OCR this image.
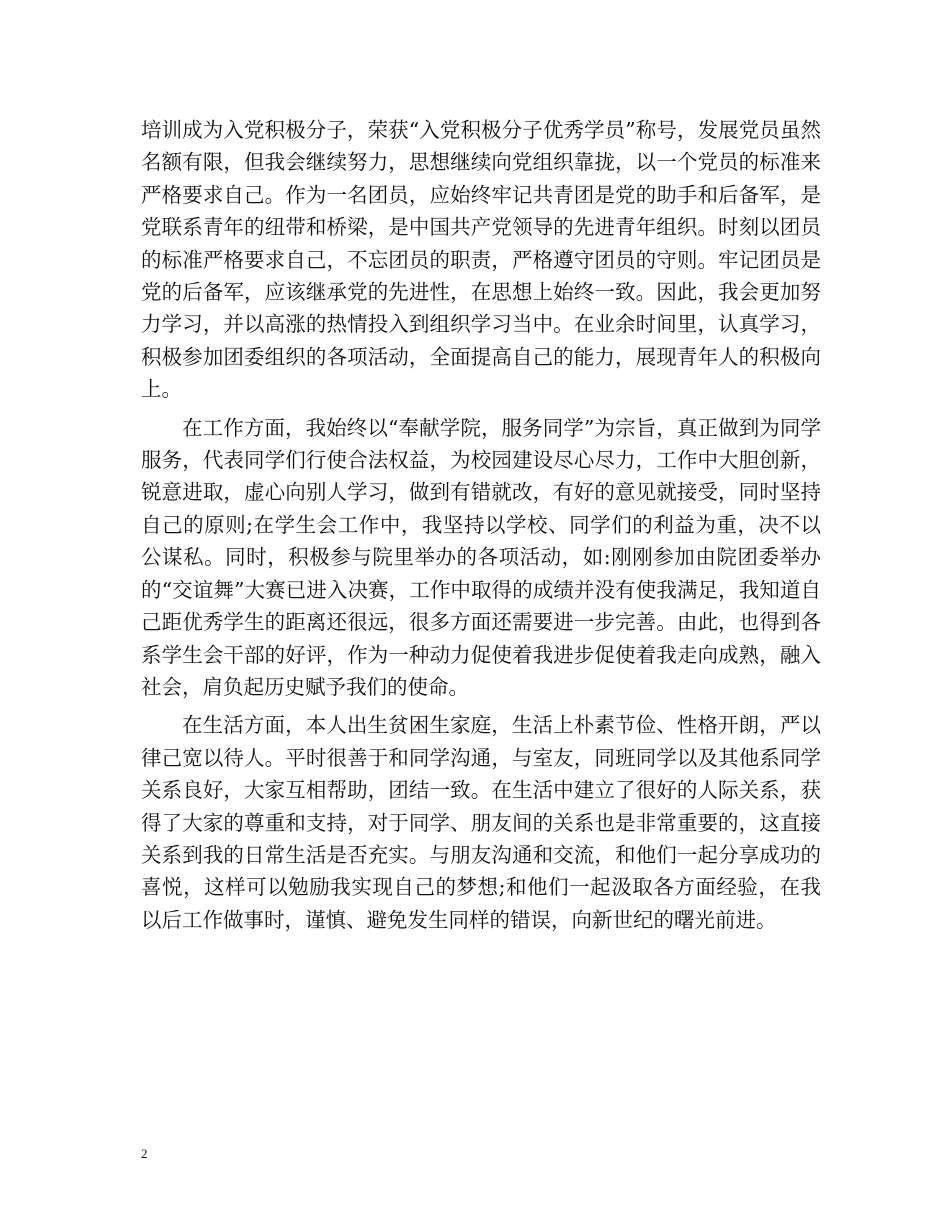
培训成为入党积极分子，荣获“入党积极分子优秀学员”称号，发展党员虽然名额有限，但我会继续努力，思想继续向党组织靠拢，以一个党员的标准来严格要求自己。作为一名团员，应始终牢记共青团是党的助手和后备军，是党联系青年的纽带和桥梁，是中国共产党领导的先进青年组织。时刻以团员的标准严格要求自己，不忘团员的职责，严格遵守团员的守则。牢记团员是党的后备军，应该继承党的先进性，在思想上始终一致。因此，我会更加努力学习，并以高涨的热情投入到组织学习当中。在业余时间里，认真学习，积极参加团委组织的各项活动，全面提高自己的能力，展现青年人的积极向上。

在工作方面，我始终以“奉献学院，服务同学”为宗旨，真正做到为同学服务，代表同学们行使合法权益，为校园建设尽心尽力，工作中大胆创新，锐意进取，虚心向别人学习，做到有错就改，有好的意见就接受，同时坚持自己的原则;在学生会工作中，我坚持以学校、同学们的利益为重，决不以公谋私。同时，积极参与院里举办的各项活动，如:刚刚参加由院团委举办的“交谊舞”大赛已进入决赛，工作中取得的成绩并没有使我满足，我知道自己距优秀学生的距离还很远，很多方面还需要进一步完善。由此，也得到各系学生会干部的好评，作为一种动力促使着我进步促使着我走向成熟，融入社会，肩负起历史赋予我们的使命。

在生活方面，本人出生贫困生家庭，生活上朴素节俭、性格开朗，严以律己宽以待人。平时很善于和同学沟通，与室友，同班同学以及其他系同学关系良好，大家互相帮助，团结一致。在生活中建立了很好的人际关系，获得了大家的尊重和支持，对于同学、朋友间的关系也是非常重要的，这直接关系到我的日常生活是否充实。与朋友沟通和交流，和他们一起分享成功的喜悦，这样可以勉励我实现自己的梦想;和他们一起汲取各方面经验，在我以后工作做事时，谨慎、避免发生同样的错误，向新世纪的曙光前进。

2
